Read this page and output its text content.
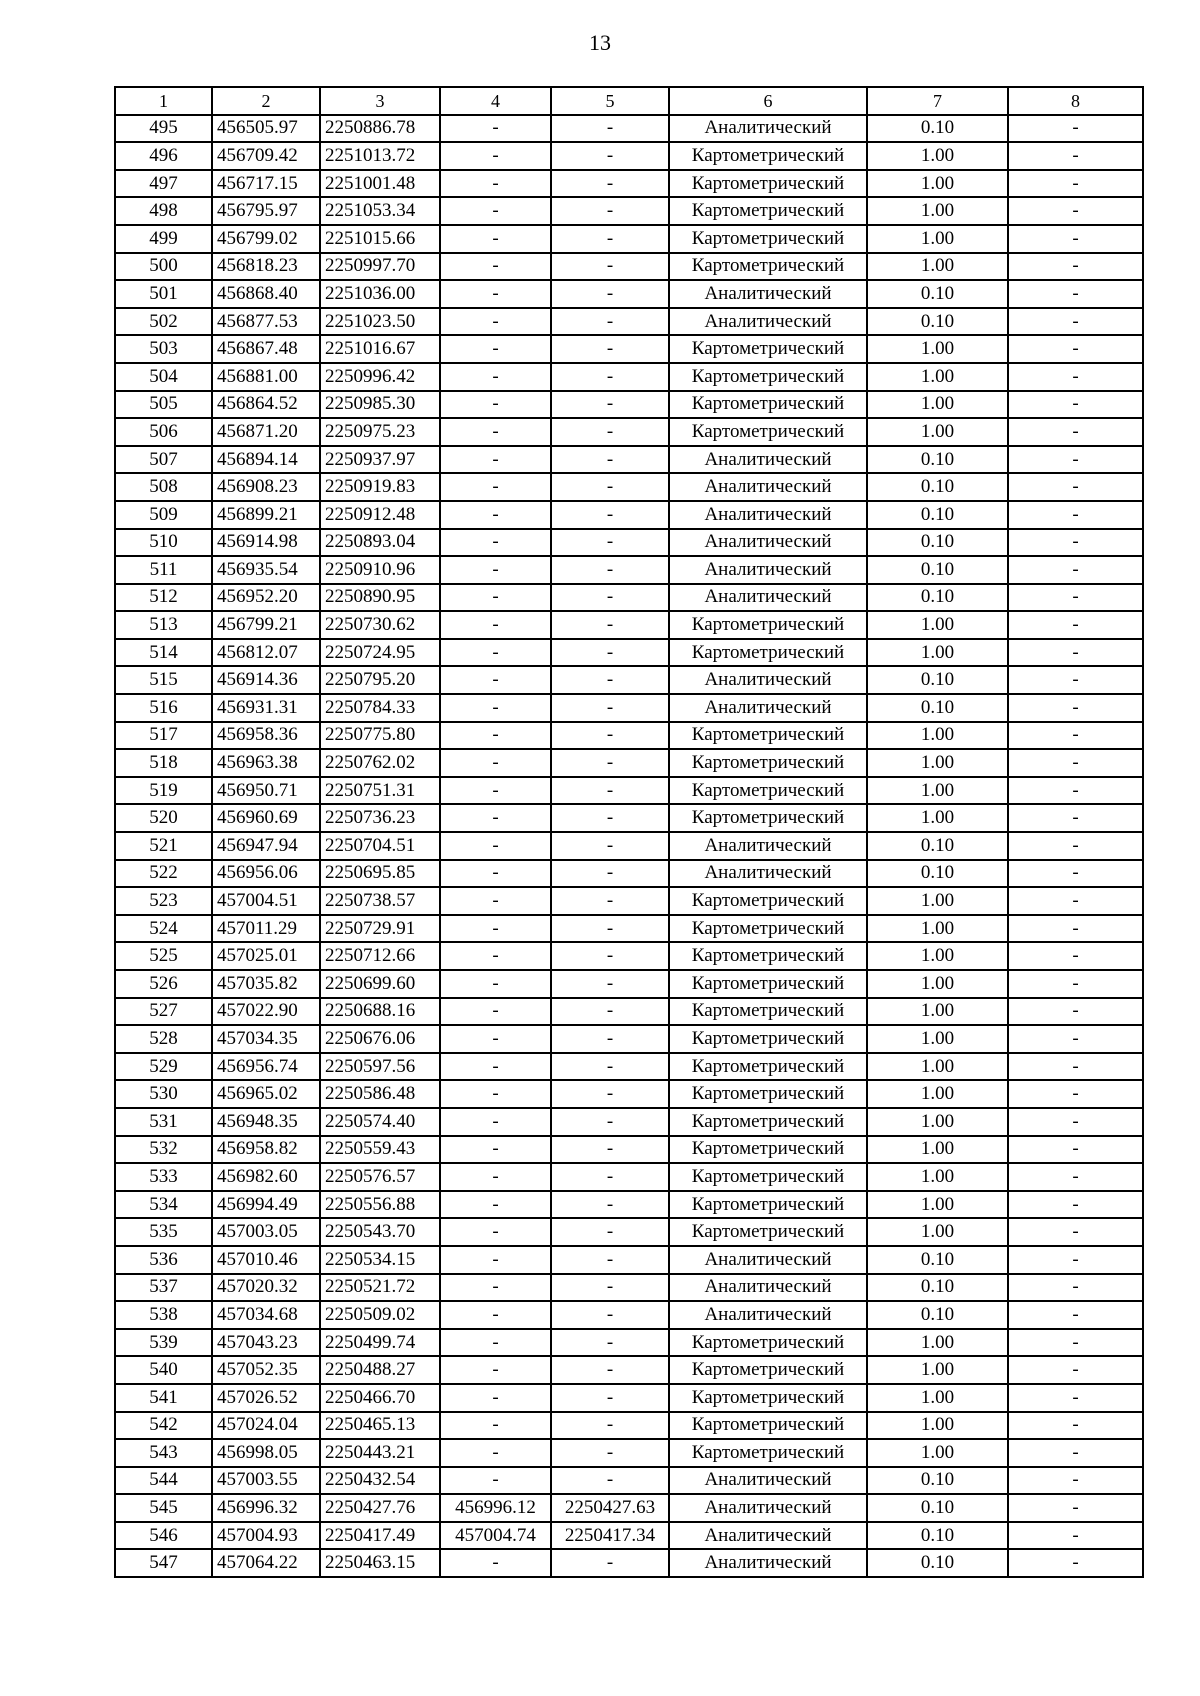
13
1	2	3	4	5	6	7	8
495	456505.97	2250886.78	-	-	Аналитический	0.10	-
496	456709.42	2251013.72	-	-	Картометрический	1.00	-
497	456717.15	2251001.48	-	-	Картометрический	1.00	-
498	456795.97	2251053.34	-	-	Картометрический	1.00	-
499	456799.02	2251015.66	-	-	Картометрический	1.00	-
500	456818.23	2250997.70	-	-	Картометрический	1.00	-
501	456868.40	2251036.00	-	-	Аналитический	0.10	-
502	456877.53	2251023.50	-	-	Аналитический	0.10	-
503	456867.48	2251016.67	-	-	Картометрический	1.00	-
504	456881.00	2250996.42	-	-	Картометрический	1.00	-
505	456864.52	2250985.30	-	-	Картометрический	1.00	-
506	456871.20	2250975.23	-	-	Картометрический	1.00	-
507	456894.14	2250937.97	-	-	Аналитический	0.10	-
508	456908.23	2250919.83	-	-	Аналитический	0.10	-
509	456899.21	2250912.48	-	-	Аналитический	0.10	-
510	456914.98	2250893.04	-	-	Аналитический	0.10	-
511	456935.54	2250910.96	-	-	Аналитический	0.10	-
512	456952.20	2250890.95	-	-	Аналитический	0.10	-
513	456799.21	2250730.62	-	-	Картометрический	1.00	-
514	456812.07	2250724.95	-	-	Картометрический	1.00	-
515	456914.36	2250795.20	-	-	Аналитический	0.10	-
516	456931.31	2250784.33	-	-	Аналитический	0.10	-
517	456958.36	2250775.80	-	-	Картометрический	1.00	-
518	456963.38	2250762.02	-	-	Картометрический	1.00	-
519	456950.71	2250751.31	-	-	Картометрический	1.00	-
520	456960.69	2250736.23	-	-	Картометрический	1.00	-
521	456947.94	2250704.51	-	-	Аналитический	0.10	-
522	456956.06	2250695.85	-	-	Аналитический	0.10	-
523	457004.51	2250738.57	-	-	Картометрический	1.00	-
524	457011.29	2250729.91	-	-	Картометрический	1.00	-
525	457025.01	2250712.66	-	-	Картометрический	1.00	-
526	457035.82	2250699.60	-	-	Картометрический	1.00	-
527	457022.90	2250688.16	-	-	Картометрический	1.00	-
528	457034.35	2250676.06	-	-	Картометрический	1.00	-
529	456956.74	2250597.56	-	-	Картометрический	1.00	-
530	456965.02	2250586.48	-	-	Картометрический	1.00	-
531	456948.35	2250574.40	-	-	Картометрический	1.00	-
532	456958.82	2250559.43	-	-	Картометрический	1.00	-
533	456982.60	2250576.57	-	-	Картометрический	1.00	-
534	456994.49	2250556.88	-	-	Картометрический	1.00	-
535	457003.05	2250543.70	-	-	Картометрический	1.00	-
536	457010.46	2250534.15	-	-	Аналитический	0.10	-
537	457020.32	2250521.72	-	-	Аналитический	0.10	-
538	457034.68	2250509.02	-	-	Аналитический	0.10	-
539	457043.23	2250499.74	-	-	Картометрический	1.00	-
540	457052.35	2250488.27	-	-	Картометрический	1.00	-
541	457026.52	2250466.70	-	-	Картометрический	1.00	-
542	457024.04	2250465.13	-	-	Картометрический	1.00	-
543	456998.05	2250443.21	-	-	Картометрический	1.00	-
544	457003.55	2250432.54	-	-	Аналитический	0.10	-
545	456996.32	2250427.76	456996.12	2250427.63	Аналитический	0.10	-
546	457004.93	2250417.49	457004.74	2250417.34	Аналитический	0.10	-
547	457064.22	2250463.15	-	-	Аналитический	0.10	-
